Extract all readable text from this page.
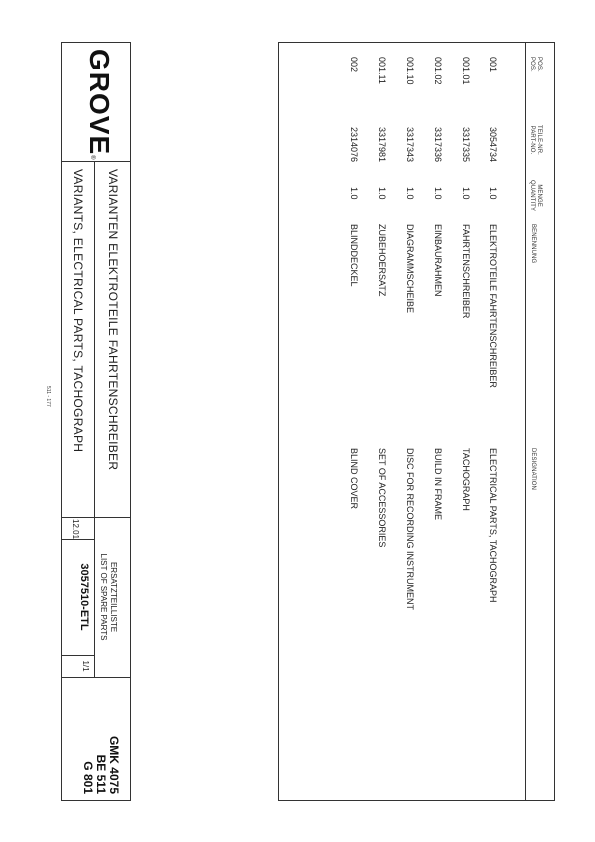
POS.
POS.
TEILE-NR.
PART-NO.
MENGE
QUANTITY
BENENNUNG
DESIGNATION

001

001.01

001.02

001.10

001.11

002

3054734

3317335

3317336

3317343

3317981

2314076

1.0

1.0

1.0

1.0

1.0

1.0

ELEKTROTEILE FAHRTENSCHREIBER

FAHRTENSCHREIBER

EINBAURAHMEN

DIAGRAMMSCHEIBE

ZUBEHOERSATZ

BLINDDECKEL

ELECTRICAL PARTS, TACHOGRAPH

TACHOGRAPH

BUILD IN FRAME

DISC FOR RECORDING INSTRUMENT

SET OF ACCESSORIES

BLIND COVER

GROVE®
VARIANTEN ELEKTROTEILE FAHRTENSCHREIBER
VARIANTS, ELECTRICAL PARTS, TACHOGRAPH
ERSATZTEILLISTE
LIST OF SPARE PARTS
12.01
3057510-ETL
1/1
GMK 4075
BE 511
G 801
511 - 177
